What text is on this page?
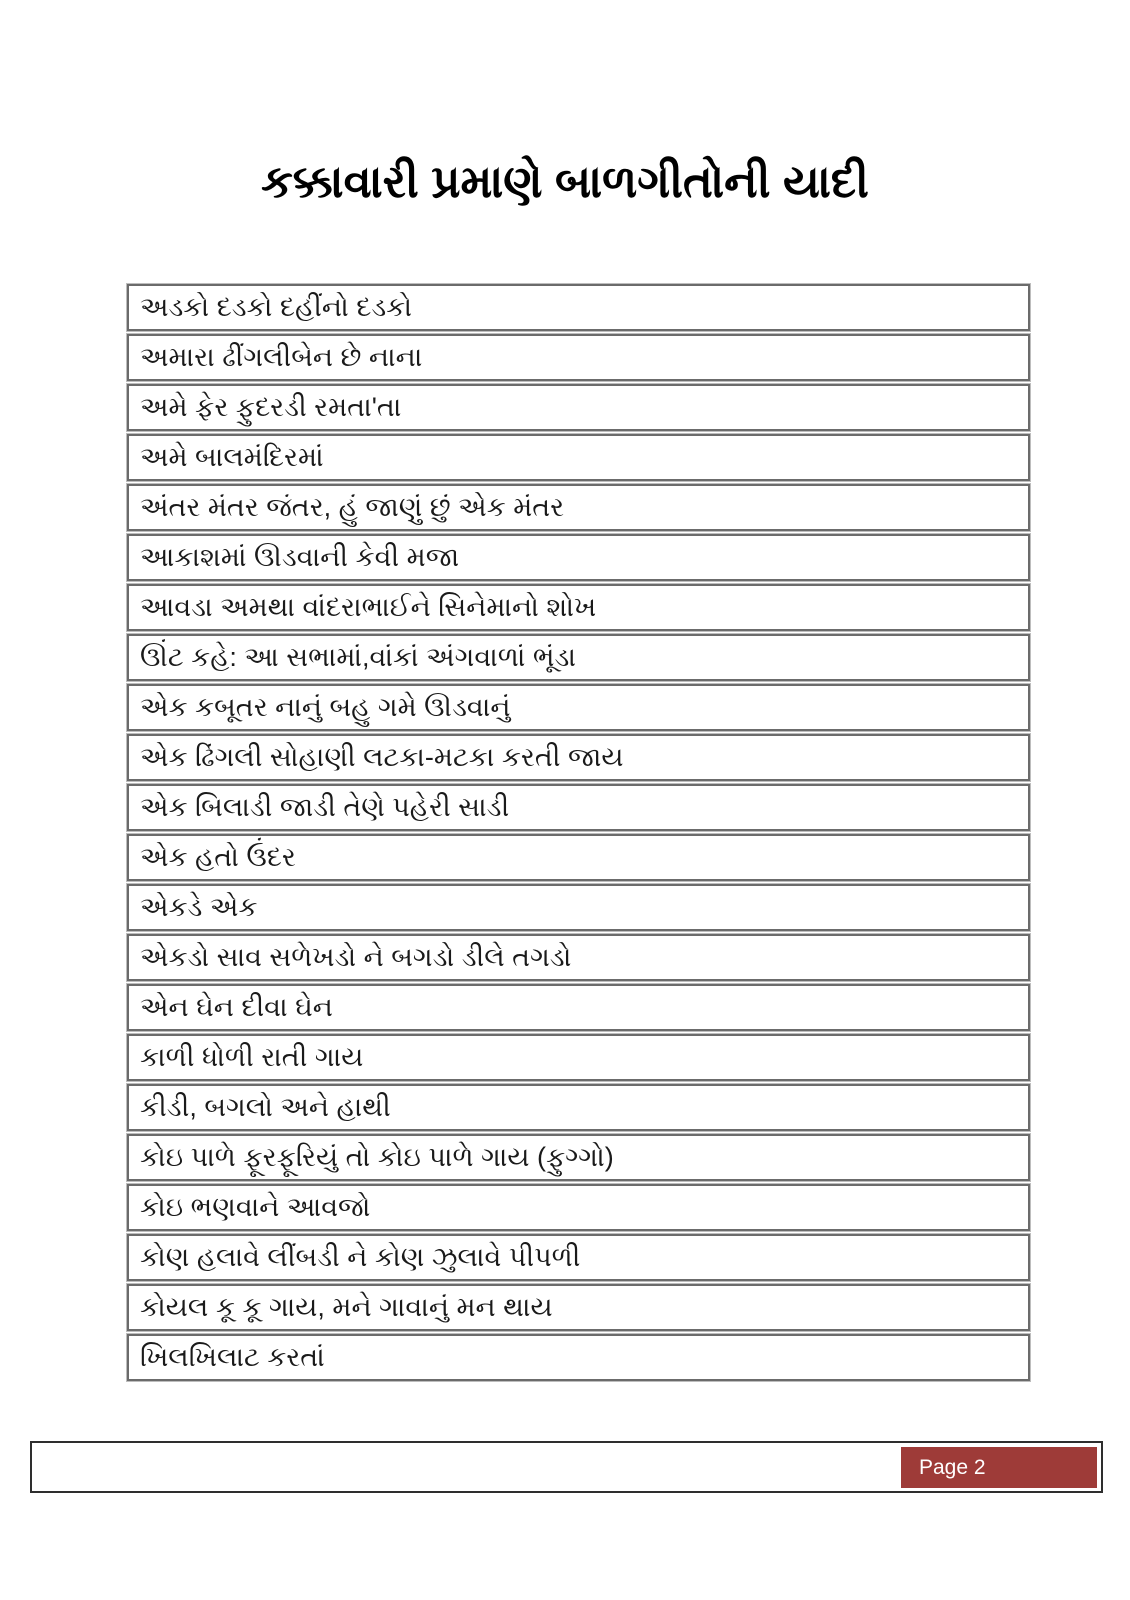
કક્કાવારી પ્રમાણે બાળગીતોની યાદી
અડકો દડકો દહીંનો દડકો
અમારા ઢીંગલીબેન છે નાના
અમે ફેર ફુદરડી રમતા'તા
અમે બાલમંદિરમાં
અંતર મંતર જંતર, હું જાણું છું એક મંતર
આકાશમાં ઊડવાની કેવી મજા
આવડા અમથા વાંદરાભાઈને સિનેમાનો શોખ
ઊંટ કહે: આ સભામાં,વાંકાં અંગવાળાં ભૂંડા
એક કબૂતર નાનું બહુ ગમે ઊડવાનું
એક ઢિંગલી સોહાણી લટકા-મટકા કરતી જાય
એક બિલાડી જાડી તેણે પહેરી સાડી
એક હતો ઉંદર
એકડે એક
એકડો સાવ સળેખડો ને બગડો ડીલે તગડો
એન ઘેન દીવા ઘેન
કાળી ધોળી રાતી ગાય
કીડી, બગલો અને હાથી
કોઇ પાળે ફૂરફૂરિયું તો કોઇ પાળે ગાય (ફુગ્ગો)
કોઇ ભણવાને આવજો
કોણ હલાવે લીંબડી ને કોણ ઝુલાવે પીપળી
કોયલ કૂ કૂ ગાય, મને ગાવાનું મન થાય
ખિલખિલાટ કરતાં
Page 2
